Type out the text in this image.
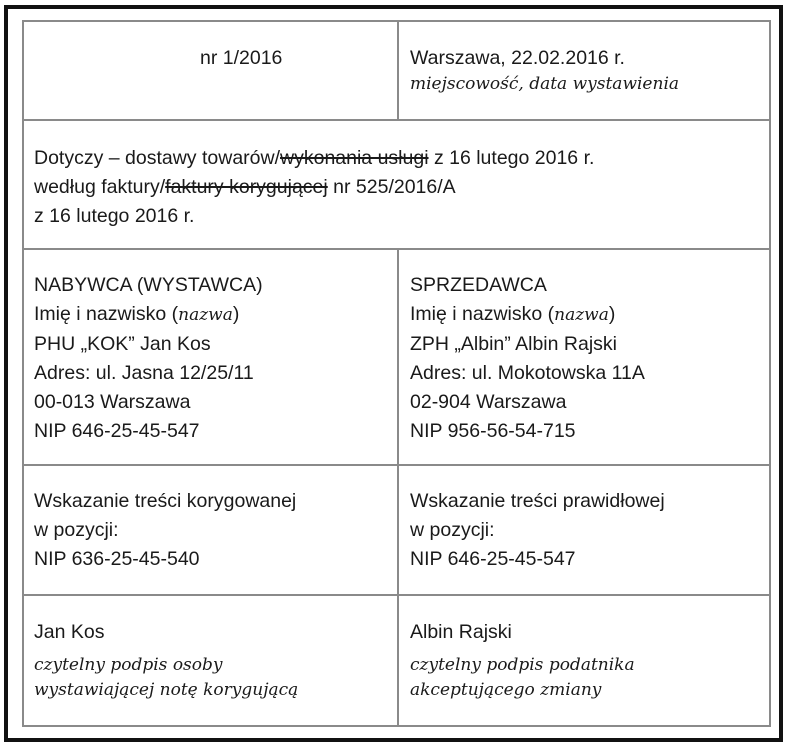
nr 1/2016	Warszawa, 22.02.2016 r.
miejscowość, data wystawienia
Dotyczy – dostawy towarów/wykonania usługi z 16 lutego 2016 r.
według faktury/faktury korygującej nr 525/2016/A
z 16 lutego 2016 r.
NABYWCA (WYSTAWCA)
Imię i nazwisko (nazwa)
PHU „KOK” Jan Kos
Adres: ul. Jasna 12/25/11
00-013 Warszawa
NIP 646-25-45-547
SPRZEDAWCA
Imię i nazwisko (nazwa)
ZPH „Albin” Albin Rajski
Adres: ul. Mokotowska 11A
02-904 Warszawa
NIP 956-56-54-715
Wskazanie treści korygowanej
w pozycji:
NIP 636-25-45-540
Wskazanie treści prawidłowej
w pozycji:
NIP 646-25-45-547
Jan Kos
czytelny podpis osoby
wystawiającej notę korygującą
Albin Rajski
czytelny podpis podatnika
akceptującego zmiany
